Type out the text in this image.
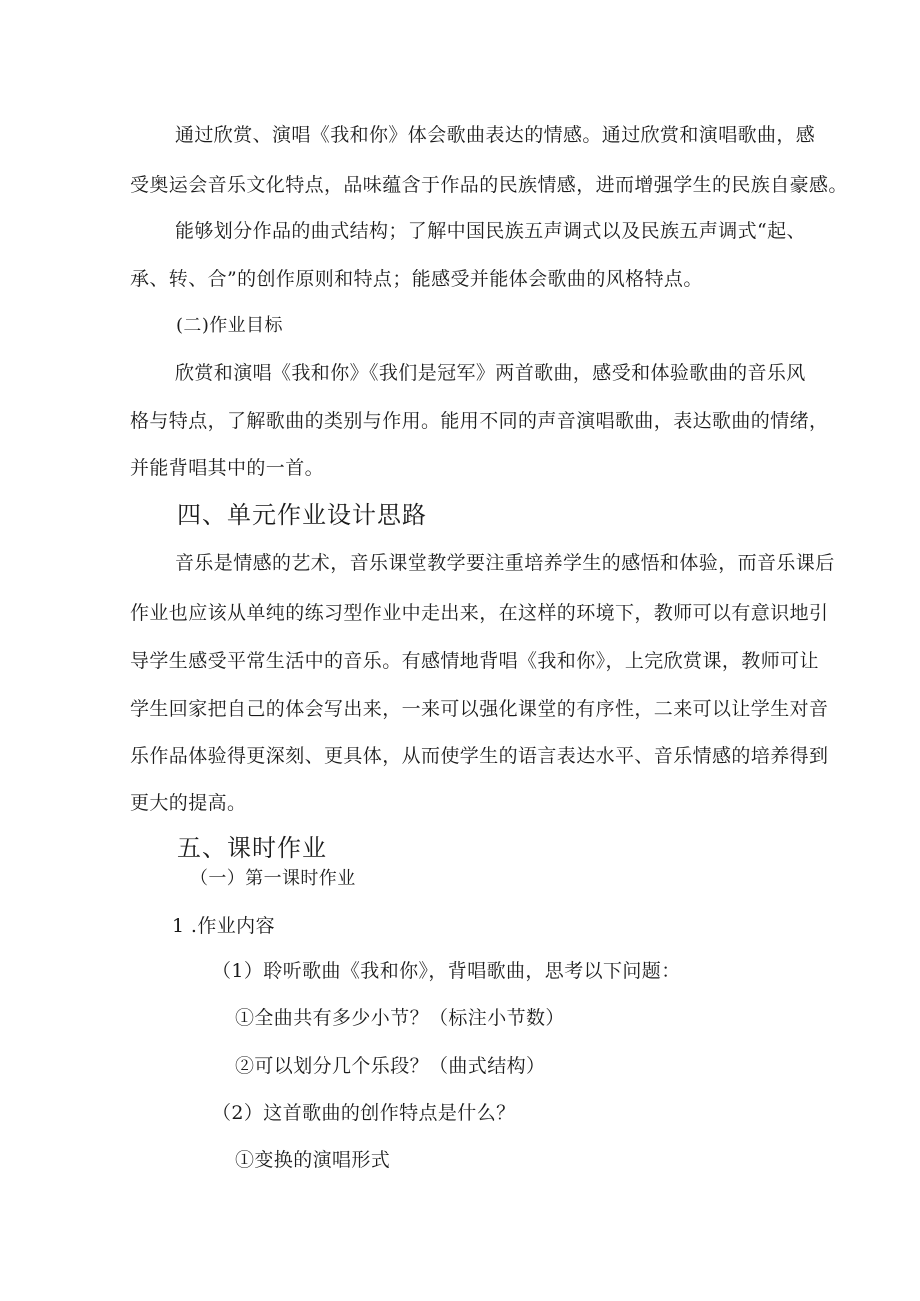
通过欣赏、演唱《我和你》体会歌曲表达的情感。通过欣赏和演唱歌曲，感
受奥运会音乐文化特点，品味蕴含于作品的民族情感，进而增强学生的民族自豪感。
能够划分作品的曲式结构；了解中国民族五声调式以及民族五声调式“起、
承、转、合”的创作原则和特点；能感受并能体会歌曲的风格特点。
(二)作业目标
欣赏和演唱《我和你》《我们是冠军》两首歌曲，感受和体验歌曲的音乐风
格与特点，了解歌曲的类别与作用。能用不同的声音演唱歌曲，表达歌曲的情绪，
并能背唱其中的一首。
四、单元作业设计思路
音乐是情感的艺术，音乐课堂教学要注重培养学生的感悟和体验，而音乐课后
作业也应该从单纯的练习型作业中走出来，在这样的环境下，教师可以有意识地引
导学生感受平常生活中的音乐。有感情地背唱《我和你》，上完欣赏课，教师可让
学生回家把自己的体会写出来，一来可以强化课堂的有序性，二来可以让学生对音
乐作品体验得更深刻、更具体，从而使学生的语言表达水平、音乐情感的培养得到
更大的提高。
五、课时作业
（一）第一课时作业
1 .作业内容
（1）聆听歌曲《我和你》，背唱歌曲，思考以下问题：
①全曲共有多少小节？（标注小节数）
②可以划分几个乐段？（曲式结构）
（2）这首歌曲的创作特点是什么？
①变换的演唱形式
